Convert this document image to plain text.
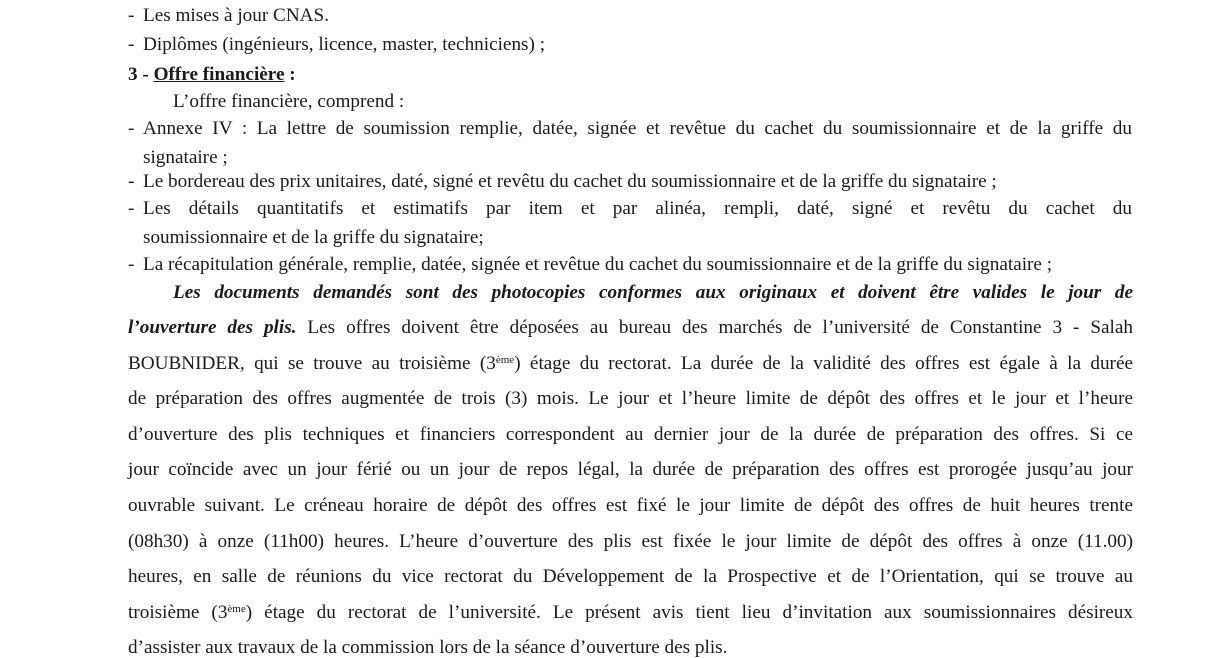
- Les mises à jour CNAS.
- Diplômes (ingénieurs, licence, master, techniciens) ;
3 - Offre financière :
L’offre financière, comprend :
- Annexe IV : La lettre de soumission remplie, datée, signée et revêtue du cachet du soumissionnaire et de la griffe du
signataire ;
- Le bordereau des prix unitaires, daté, signé et revêtu du cachet du soumissionnaire et de la griffe du signataire ;
- Les détails quantitatifs et estimatifs par item et par alinéa, rempli, daté, signé et revêtu du cachet du
soumissionnaire et de la griffe du signataire;
- La récapitulation générale, remplie, datée, signée et revêtue du cachet du soumissionnaire et de la griffe du signataire ;
Les documents demandés sont des photocopies conformes aux originaux et doivent être valides le jour de
l’ouverture des plis. Les offres doivent être déposées au bureau des marchés de l’université de Constantine 3 - Salah
BOUBNIDER, qui se trouve au troisième (3ème) étage du rectorat. La durée de la validité des offres est égale à la durée
de préparation des offres augmentée de trois (3) mois. Le jour et l’heure limite de dépôt des offres et le jour et l’heure
d’ouverture des plis techniques et financiers correspondent au dernier jour de la durée de préparation des offres. Si ce
jour coïncide avec un jour férié ou un jour de repos légal, la durée de préparation des offres est prorogée jusqu’au jour
ouvrable suivant. Le créneau horaire de dépôt des offres est fixé le jour limite de dépôt des offres de huit heures trente
(08h30) à onze (11h00) heures. L’heure d’ouverture des plis est fixée le jour limite de dépôt des offres à onze (11.00)
heures, en salle de réunions du vice rectorat du Développement de la Prospective et de l’Orientation, qui se trouve au
troisième (3ème) étage du rectorat de l’université. Le présent avis tient lieu d’invitation aux soumissionnaires désireux
d’assister aux travaux de la commission lors de la séance d’ouverture des plis.
